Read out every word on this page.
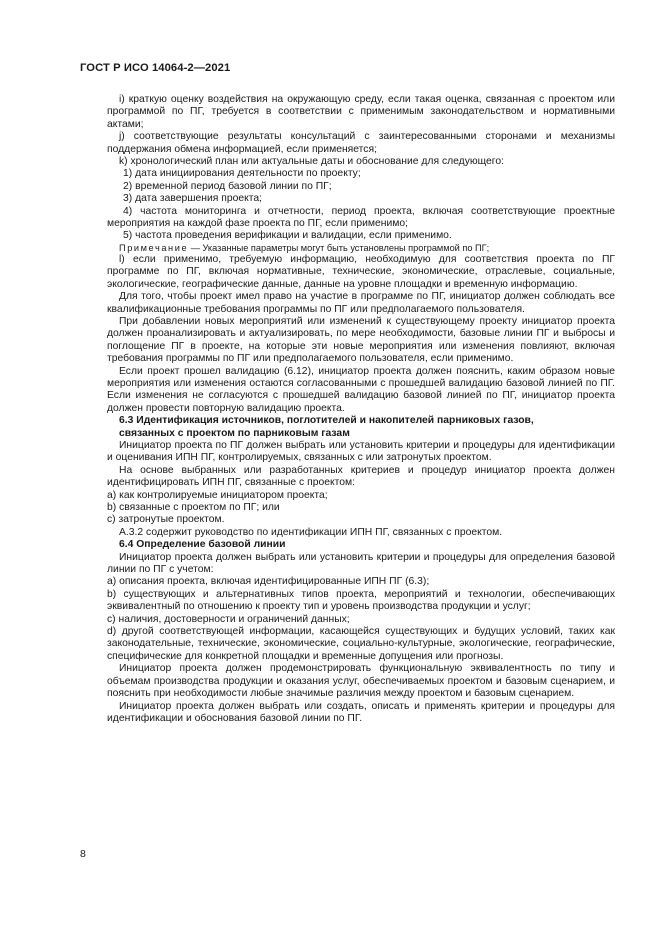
ГОСТ Р ИСО 14064-2—2021

i) краткую оценку воздействия на окружающую среду, если такая оценка, связанная с проектом или программой по ПГ, требуется в соответствии с применимым законодательством и нормативными актами;

j) соответствующие результаты консультаций с заинтересованными сторонами и механизмы поддержания обмена информацией, если применяется;

k) хронологический план или актуальные даты и обоснование для следующего:

1) дата инициирования деятельности по проекту;

2) временной период базовой линии по ПГ;

3) дата завершения проекта;

4) частота мониторинга и отчетности, период проекта, включая соответствующие проектные мероприятия на каждой фазе проекта по ПГ, если применимо;

5) частота проведения верификации и валидации, если применимо.

Примечание — Указанные параметры могут быть установлены программой по ПГ;

l) если применимо, требуемую информацию, необходимую для соответствия проекта по ПГ программе по ПГ, включая нормативные, технические, экономические, отраслевые, социальные, экологические, географические данные, данные на уровне площадки и временную информацию.

Для того, чтобы проект имел право на участие в программе по ПГ, инициатор должен соблюдать все квалификационные требования программы по ПГ или предполагаемого пользователя.

При добавлении новых мероприятий или изменений к существующему проекту инициатор проекта должен проанализировать и актуализировать, по мере необходимости, базовые линии ПГ и выбросы и поглощение ПГ в проекте, на которые эти новые мероприятия или изменения повлияют, включая требования программы по ПГ или предполагаемого пользователя, если применимо.

Если проект прошел валидацию (6.12), инициатор проекта должен пояснить, каким образом новые мероприятия или изменения остаются согласованными с прошедшей валидацию базовой линией по ПГ. Если изменения не согласуются с прошедшей валидацию базовой линией по ПГ, инициатор проекта должен провести повторную валидацию проекта.

6.3 Идентификация источников, поглотителей и накопителей парниковых газов,
связанных с проектом по парниковым газам

Инициатор проекта по ПГ должен выбрать или установить критерии и процедуры для идентификации и оценивания ИПН ПГ, контролируемых, связанных с или затронутых проектом.

На основе выбранных или разработанных критериев и процедур инициатор проекта должен идентифицировать ИПН ПГ, связанные с проектом:

a) как контролируемые инициатором проекта;

b) связанные с проектом по ПГ; или

c) затронутые проектом.

А.3.2 содержит руководство по идентификации ИПН ПГ, связанных с проектом.

6.4 Определение базовой линии

Инициатор проекта должен выбрать или установить критерии и процедуры для определения базовой линии по ПГ с учетом:

a) описания проекта, включая идентифицированные ИПН ПГ (6.3);

b) существующих и альтернативных типов проекта, мероприятий и технологии, обеспечивающих эквивалентный по отношению к проекту тип и уровень производства продукции и услуг;

c) наличия, достоверности и ограничений данных;

d) другой соответствующей информации, касающейся существующих и будущих условий, таких как законодательные, технические, экономические, социально-культурные, экологические, географические, специфические для конкретной площадки и временные допущения или прогнозы.

Инициатор проекта должен продемонстрировать функциональную эквивалентность по типу и объемам производства продукции и оказания услуг, обеспечиваемых проектом и базовым сценарием, и пояснить при необходимости любые значимые различия между проектом и базовым сценарием.

Инициатор проекта должен выбрать или создать, описать и применять критерии и процедуры для идентификации и обоснования базовой линии по ПГ.

8
